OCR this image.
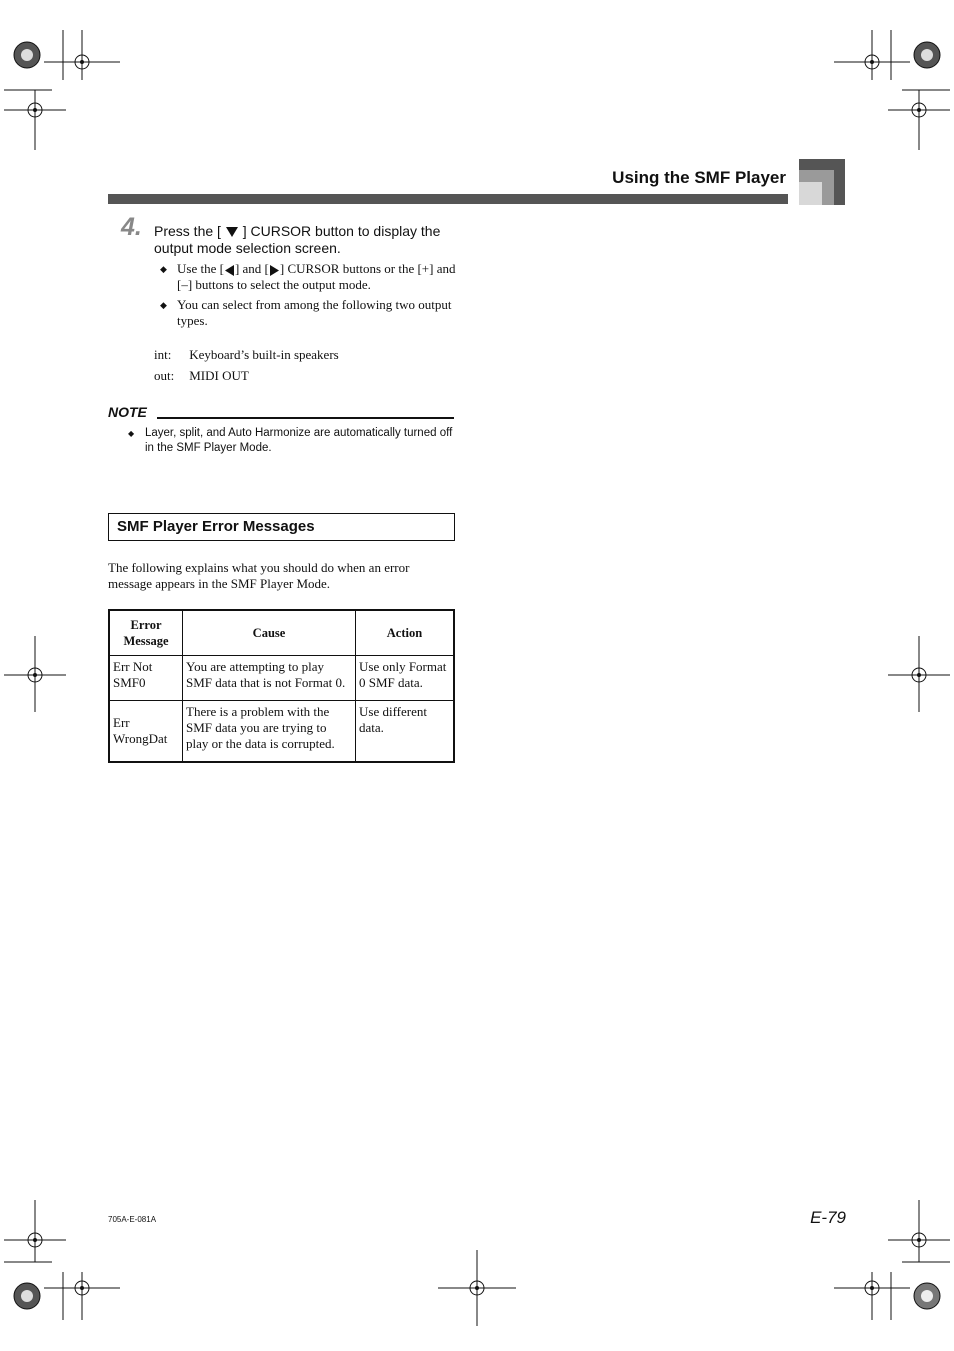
Using the SMF Player
4. Press the [ ] CURSOR button to display the output mode selection screen.
◆ Use the [ ] and [ ] CURSOR buttons or the [+] and [–] buttons to select the output mode.
◆ You can select from among the following two output types.
int: Keyboard’s built-in speakers
out: MIDI OUT
NOTE
◆ Layer, split, and Auto Harmonize are automatically turned off in the SMF Player Mode.
SMF Player Error Messages
The following explains what you should do when an error message appears in the SMF Player Mode.
Error Message	Cause	Action
Err Not SMF0	You are attempting to play SMF data that is not Format 0.	Use only Format 0 SMF data.
Err WrongDat	There is a problem with the SMF data you are trying to play or the data is corrupted.	Use different data.
705A-E-081A	E-79
